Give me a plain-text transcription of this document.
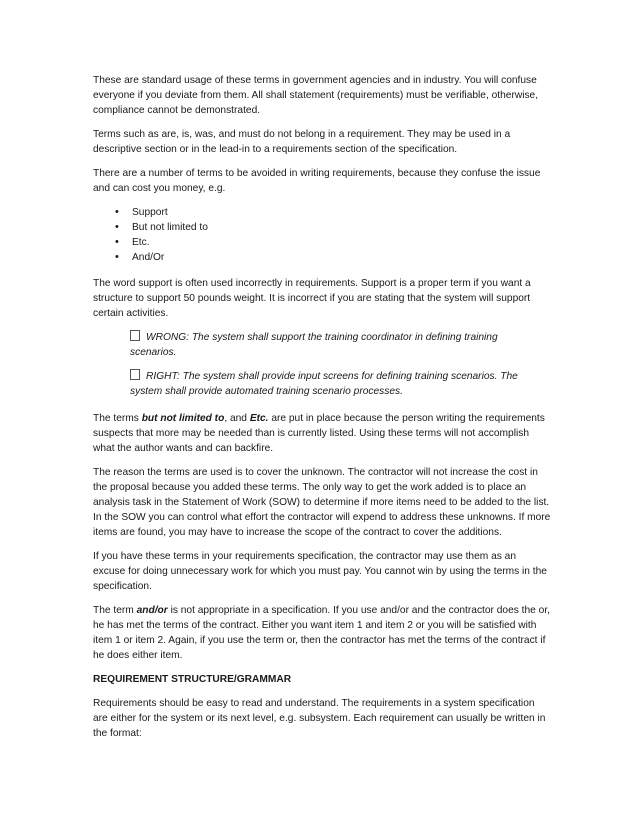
These are standard usage of these terms in government agencies and in industry. You will confuse everyone if you deviate from them. All shall statement (requirements) must be verifiable, otherwise, compliance cannot be demonstrated.

Terms such as are, is, was, and must do not belong in a requirement. They may be used in a descriptive section or in the lead-in to a requirements section of the specification.

There are a number of terms to be avoided in writing requirements, because they confuse the issue and can cost you money, e.g.

• Support
• But not limited to
• Etc.
• And/Or

The word support is often used incorrectly in requirements. Support is a proper term if you want a structure to support 50 pounds weight. It is incorrect if you are stating that the system will support certain activities.

WRONG: The system shall support the training coordinator in defining training scenarios.
RIGHT: The system shall provide input screens for defining training scenarios. The system shall provide automated training scenario processes.

The terms but not limited to, and Etc. are put in place because the person writing the requirements suspects that more may be needed than is currently listed. Using these terms will not accomplish what the author wants and can backfire.

The reason the terms are used is to cover the unknown. The contractor will not increase the cost in the proposal because you added these terms. The only way to get the work added is to place an analysis task in the Statement of Work (SOW) to determine if more items need to be added to the list. In the SOW you can control what effort the contractor will expend to address these unknowns. If more items are found, you may have to increase the scope of the contract to cover the additions.

If you have these terms in your requirements specification, the contractor may use them as an excuse for doing unnecessary work for which you must pay. You cannot win by using the terms in the specification.

The term and/or is not appropriate in a specification. If you use and/or and the contractor does the or, he has met the terms of the contract. Either you want item 1 and item 2 or you will be satisfied with item 1 or item 2. Again, if you use the term or, then the contractor has met the terms of the contract if he does either item.

REQUIREMENT STRUCTURE/GRAMMAR

Requirements should be easy to read and understand. The requirements in a system specification are either for the system or its next level, e.g. subsystem. Each requirement can usually be written in the format:
